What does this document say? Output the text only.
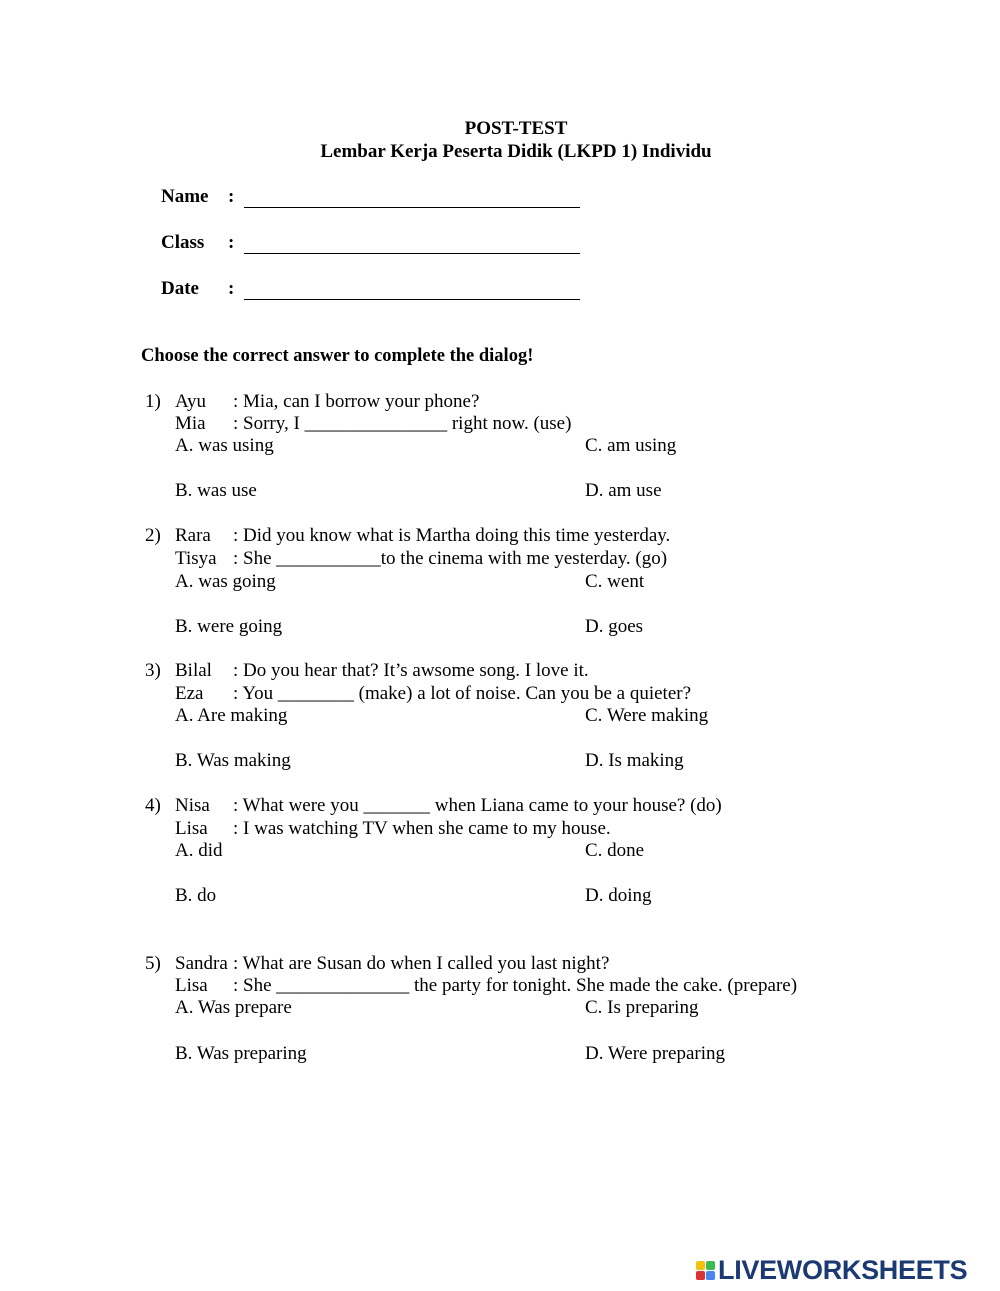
POST-TEST
Lembar Kerja Peserta Didik (LKPD 1) Individu
Name :
Class :
Date :
Choose the correct answer to complete the dialog!
1) Ayu : Mia, can I borrow your phone?
Mia : Sorry, I _______________ right now. (use)
A. was using	C. am using
B. was use	D. am use
2) Rara : Did you know what is Martha doing this time yesterday.
Tisya : She ___________to the cinema with me yesterday. (go)
A. was going	C. went
B. were going	D. goes
3) Bilal : Do you hear that? It’s awsome song. I love it.
Eza : You ________ (make) a lot of noise. Can you be a quieter?
A. Are making	C. Were making
B. Was making	D. Is making
4) Nisa : What were you _______ when Liana came to your house? (do)
Lisa : I was watching TV when she came to my house.
A. did	C. done
B. do	D. doing
5) Sandra : What are Susan do when I called you last night?
Lisa : She ______________ the party for tonight. She made the cake. (prepare)
A. Was prepare	C. Is preparing
B. Was preparing	D. Were preparing
LIVEWORKSHEETS
